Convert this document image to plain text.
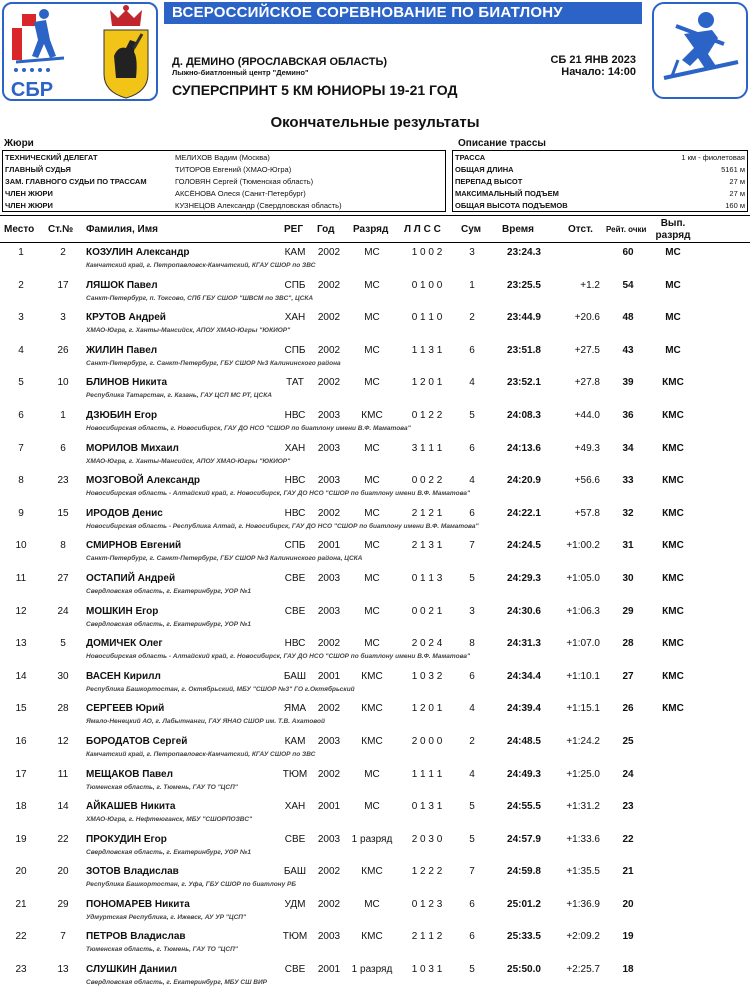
СБР
ВСЕРОССИЙСКОЕ СОРЕВНОВАНИЕ ПО БИАТЛОНУ
Д. ДЕМИНО (ЯРОСЛАВСКАЯ ОБЛАСТЬ)
Лыжно-биатлонный центр "Демино"
СБ 21 ЯНВ 2023
Начало: 14:00
СУПЕРСПРИНТ 5 КМ ЮНИОРЫ 19-21 ГОД
Окончательные результаты
Жюри	Описание трассы
ТЕХНИЧЕСКИЙ ДЕЛЕГАТ	МЕЛИХОВ Вадим (Москва)
ГЛАВНЫЙ СУДЬЯ	ТИТОРОВ Евгений (ХМАО-Югра)
ЗАМ. ГЛАВНОГО СУДЬИ ПО ТРАССАМ	ГОЛОВЯН Сергей (Тюменская область)
ЧЛЕН ЖЮРИ	АКСЁНОВА Олеся (Санкт-Петербург)
ЧЛЕН ЖЮРИ	КУЗНЕЦОВ Александр (Свердловская область)
ТРАССА	1 км - фиолетовая
ОБЩАЯ ДЛИНА	5161 м
ПЕРЕПАД ВЫСОТ	27 м
МАКСИМАЛЬНЫЙ ПОДЪЕМ	27 м
ОБЩАЯ ВЫСОТА ПОДЪЕМОВ	160 м
Место Ст.№ Фамилия, Имя	РЕГ Год Разряд Л Л С С Сум Время	Отст. Рейт. очки
Вып. разряд
1	2	КОЗУЛИН Александр	КАМ	2002	МС	1 0 0 2	3	23:24.3	60	МС
Камчатский край, г. Петропавловск-Камчатский, КГАУ СШОР по ЗВС
2	17	ЛЯШОК Павел	СПБ	2002	МС	0 1 0 0	1	23:25.5	+1.2	54	МС
Санкт-Петербург, п. Токсово, СПб ГБУ СШОР "ШВСМ по ЗВС", ЦСКА
3	3	КРУТОВ Андрей	ХАН	2002	МС	0 1 1 0	2	23:44.9	+20.6	48	МС
ХМАО-Югра, г. Ханты-Мансийск, АПОУ ХМАО-Югры "ЮКИОР"
4	26	ЖИЛИН Павел	СПБ	2002	МС	1 1 3 1	6	23:51.8	+27.5	43	МС
Санкт-Петербург, г. Санкт-Петербург, ГБУ СШОР №3 Калининского района
5	10	БЛИНОВ Никита	ТАТ	2002	МС	1 2 0 1	4	23:52.1	+27.8	39	КМС
Республика Татарстан, г. Казань, ГАУ ЦСП МС РТ, ЦСКА
6	1	ДЗЮБИН Егор	НВС	2003	КМС	0 1 2 2	5	24:08.3	+44.0	36	КМС
Новосибирская область, г. Новосибирск, ГАУ ДО НСО "СШОР по биатлону имени В.Ф. Маматова"
7	6	МОРИЛОВ Михаил	ХАН	2003	МС	3 1 1 1	6	24:13.6	+49.3	34	КМС
ХМАО-Югра, г. Ханты-Мансийск, АПОУ ХМАО-Югры "ЮКИОР"
8	23	МОЗГОВОЙ Александр	НВС	2003	МС	0 0 2 2	4	24:20.9	+56.6	33	КМС
Новосибирская область - Алтайский край, г. Новосибирск, ГАУ ДО НСО "СШОР по биатлону имени В.Ф. Маматова"
9	15	ИРОДОВ Денис	НВС	2002	МС	2 1 2 1	6	24:22.1	+57.8	32	КМС
Новосибирская область - Республика Алтай, г. Новосибирск, ГАУ ДО НСО "СШОР по биатлону имени В.Ф. Маматова"
10	8	СМИРНОВ Евгений	СПБ	2001	МС	2 1 3 1	7	24:24.5	+1:00.2	31	КМС
Санкт-Петербург, г. Санкт-Петербург, ГБУ СШОР №3 Калининского района, ЦСКА
11	27	ОСТАПИЙ Андрей	СВЕ	2003	МС	0 1 1 3	5	24:29.3	+1:05.0	30	КМС
Свердловская область, г. Екатеринбург, УОР №1
12	24	МОШКИН Егор	СВЕ	2003	МС	0 0 2 1	3	24:30.6	+1:06.3	29	КМС
Свердловская область, г. Екатеринбург, УОР №1
13	5	ДОМИЧЕК Олег	НВС	2002	МС	2 0 2 4	8	24:31.3	+1:07.0	28	КМС
Новосибирская область - Алтайский край, г. Новосибирск, ГАУ ДО НСО "СШОР по биатлону имени В.Ф. Маматова"
14	30	ВАСЕН Кирилл	БАШ	2001	КМС	1 0 3 2	6	24:34.4	+1:10.1	27	КМС
Республика Башкортостан, г. Октябрьский, МБУ "СШОР №3" ГО г.Октябрьский
15	28	СЕРГЕЕВ Юрий	ЯМА	2002	КМС	1 2 0 1	4	24:39.4	+1:15.1	26	КМС
Ямало-Ненецкий АО, г. Лабытнанги, ГАУ ЯНАО СШОР им. Т.В. Ахатовой
16	12	БОРОДАТОВ Сергей	КАМ	2003	КМС	2 0 0 0	2	24:48.5	+1:24.2	25
Камчатский край, г. Петропавловск-Камчатский, КГАУ СШОР по ЗВС
17	11	МЕЩАКОВ Павел	ТЮМ	2002	МС	1 1 1 1	4	24:49.3	+1:25.0	24
Тюменская область, г. Тюмень, ГАУ ТО "ЦСП"
18	14	АЙКАШЕВ Никита	ХАН	2001	МС	0 1 3 1	5	24:55.5	+1:31.2	23
ХМАО-Югра, г. Нефтеюганск, МБУ "СШОРПОЗВС"
19	22	ПРОКУДИН Егор	СВЕ	2003	1 разряд	2 0 3 0	5	24:57.9	+1:33.6	22
Свердловская область, г. Екатеринбург, УОР №1
20	20	ЗОТОВ Владислав	БАШ	2002	КМС	1 2 2 2	7	24:59.8	+1:35.5	21
Республика Башкортостан, г. Уфа, ГБУ СШОР по биатлону РБ
21	29	ПОНОМАРЕВ Никита	УДМ	2002	МС	0 1 2 3	6	25:01.2	+1:36.9	20
Удмуртская Республика, г. Ижевск, АУ УР "ЦСП"
22	7	ПЕТРОВ Владислав	ТЮМ	2003	КМС	2 1 1 2	6	25:33.5	+2:09.2	19
Тюменская область, г. Тюмень, ГАУ ТО "ЦСП"
23	13	СЛУШКИН Даниил	СВЕ	2001	1 разряд	1 0 3 1	5	25:50.0	+2:25.7	18
Свердловская область, г. Екатеринбург, МБУ СШ ВИР
